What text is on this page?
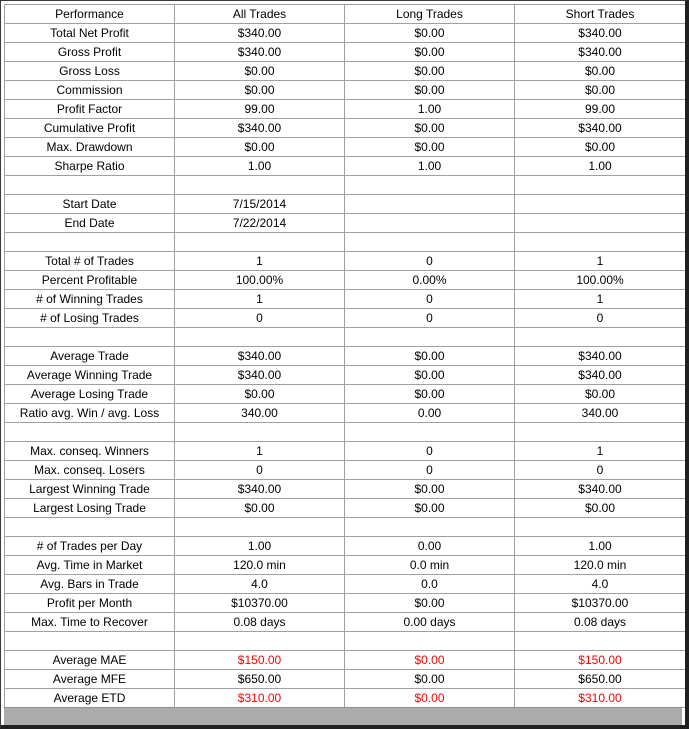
Performance	All Trades	Long Trades	Short Trades
Total Net Profit	$340.00	$0.00	$340.00
Gross Profit	$340.00	$0.00	$340.00
Gross Loss	$0.00	$0.00	$0.00
Commission	$0.00	$0.00	$0.00
Profit Factor	99.00	1.00	99.00
Cumulative Profit	$340.00	$0.00	$340.00
Max. Drawdown	$0.00	$0.00	$0.00
Sharpe Ratio	1.00	1.00	1.00

Start Date	7/15/2014		
End Date	7/22/2014		

Total # of Trades	1	0	1
Percent Profitable	100.00%	0.00%	100.00%
# of Winning Trades	1	0	1
# of Losing Trades	0	0	0

Average Trade	$340.00	$0.00	$340.00
Average Winning Trade	$340.00	$0.00	$340.00
Average Losing Trade	$0.00	$0.00	$0.00
Ratio avg. Win / avg. Loss	340.00	0.00	340.00

Max. conseq. Winners	1	0	1
Max. conseq. Losers	0	0	0
Largest Winning Trade	$340.00	$0.00	$340.00
Largest Losing Trade	$0.00	$0.00	$0.00

# of Trades per Day	1.00	0.00	1.00
Avg. Time in Market	120.0 min	0.0 min	120.0 min
Avg. Bars in Trade	4.0	0.0	4.0
Profit per Month	$10370.00	$0.00	$10370.00
Max. Time to Recover	0.08 days	0.00 days	0.08 days

Average MAE	$150.00	$0.00	$150.00
Average MFE	$650.00	$0.00	$650.00
Average ETD	$310.00	$0.00	$310.00
